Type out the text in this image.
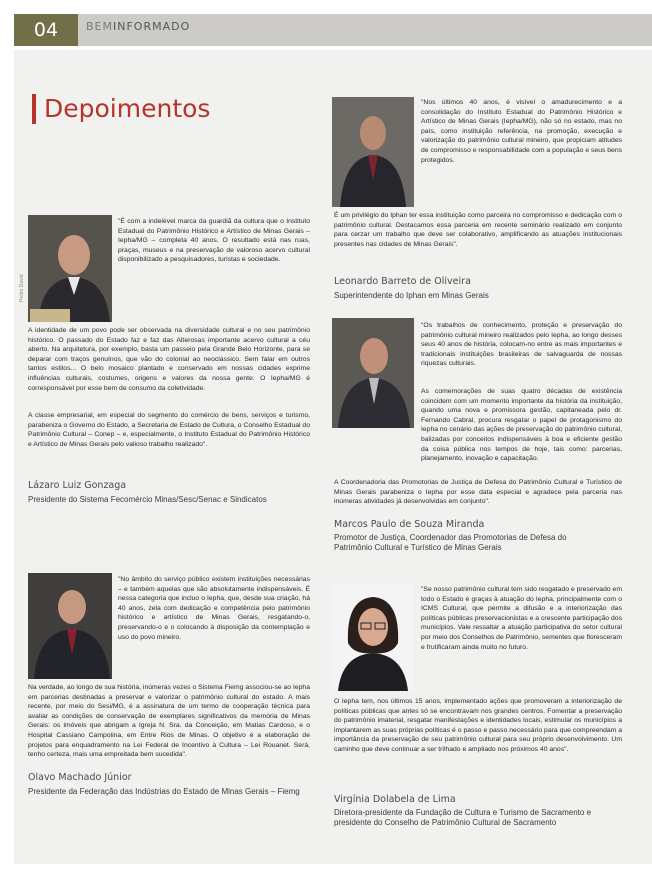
04	BEMINFORMADO
Depoimentos
Pedro David

"É com a indelével marca da guardiã da cultura que o Instituto Estadual do Patrimônio Histórico e Artístico de Minas Gerais – Iepha/MG – completa 40 anos. O resultado está nas ruas, praças, museus e na preservação de valoroso acervo cultural disponibilizado a pesquisadores, turistas e sociedade.

A identidade de um povo pode ser observada na diversidade cultural e no seu patrimônio histórico. O passado do Estado faz e faz das Alterosas importante acervo cultural a céu aberto. Na arquitetura, por exemplo, basta um passeio pela Grande Belo Horizonte, para se deparar com traços genuínos, que vão do colonial ao neoclássico. Sem falar em outros tantos estilos... O belo mosaico plantado e conservado em nossas cidades exprime influências culturais, costumes, origens e valores da nossa gente. O Iepha/MG é corresponsável por esse bem de consumo da coletividade.

A classe empresarial, em especial do segmento do comércio de bens, serviços e turismo, parabeniza o Governo do Estado, a Secretaria de Estado de Cultura, o Conselho Estadual do Patrimônio Cultural – Conep – e, especialmente, o Instituto Estadual do Patrimônio Histórico e Artístico de Minas Gerais pelo valioso trabalho realizado".

Lázaro Luiz Gonzaga
Presidente do Sistema Fecomércio Minas/Sesc/Senac e Sindicatos

"Nos últimos 40 anos, é visível o amadurecimento e a consolidação do Instituto Estadual do Patrimônio Histórico e Artístico de Minas Gerais (Iepha/MG), não só no estado, mas no país, como instituição referência, na promoção, execução e valorização do patrimônio cultural mineiro, que propiciam atitudes de compromisso e responsabilidade com a população e seus bens protegidos.

É um privilégio do Iphan ter essa instituição como parceira no compromisso e dedicação com o patrimônio cultural. Destacamos essa parceria em recente seminário realizado em conjunto para cerzar um trabalho que deve ser colaborativo, amplificando as atuações institucionais presentes nas cidades de Minas Gerais".

Leonardo Barreto de Oliveira
Superintendente do Iphan em Minas Gerais

"Os trabalhos de conhecimento, proteção e preservação do patrimônio cultural mineiro realizados pelo Iepha, ao longo desses seus 40 anos de história, colocam-no entre as mais importantes e tradicionais instituições brasileiras de salvaguarda de nossas riquezas culturais.

As comemorações de suas quatro décadas de existência coincidem com um momento importante da história da instituição, quando uma nova e promissora gestão, capitaneada pelo dr. Fernando Cabral, procura resgatar o papel de protagonismo do Iepha no cenário das ações de preservação do patrimônio cultural, balizadas por conceitos indispensáveis à boa e eficiente gestão da coisa pública nos tempos de hoje, tais como: parcerias, planejamento, inovação e capacitação.

A Coordenadoria das Promotorias de Justiça de Defesa do Patrimônio Cultural e Turístico de Minas Gerais parabeniza o Iepha por esse data especial e agradece pela parceria nas inúmeras atividades já desenvolvidas em conjunto".

Marcos Paulo de Souza Miranda
Promotor de Justiça, Coordenador das Promotorias de Defesa do Patrimônio Cultural e Turístico de Minas Gerais

"No âmbito do serviço público existem instituições necessárias – e também aquelas que são absolutamente indispensáveis. É nessa categoria que incluo o Iepha, que, desde sua criação, há 40 anos, zela com dedicação e competência pelo patrimônio histórico e artístico de Minas Gerais, resgatando-o, preservando-o e o colocando à disposição da contemplação e uso do povo mineiro.

Na verdade, ao longo de sua história, inúmeras vezes o Sistema Fiemg associou-se ao Iepha em parcerias destinadas a preservar e valorizar o patrimônio cultural do estado. A mais recente, por meio do Sesi/MG, é a assinatura de um termo de cooperação técnica para avaliar as condições de conservação de exemplares significativos da memória de Minas Gerais: os imóveis que abrigam a Igreja N. Sra. da Conceição, em Matias Cardoso, e o Hospital Cassiano Campolina, em Entre Rios de Minas. O objetivo é a elaboração de projetos para enquadramento na Lei Federal de Incentivo à Cultura – Lei Rouanet. Será, tenho certeza, mais uma empreitada bem sucedida".

Olavo Machado Júnior
Presidente da Federação das Indústrias do Estado de Minas Gerais – Fiemg

"Se nosso patrimônio cultural tem sido resgatado e preservado em todo o Estado é graças à atuação do Iepha, principalmente com o ICMS Cultural, que permite a difusão e a interiorização das políticas públicas preservacionistas e a crescente participação dos municípios. Vale ressaltar a atuação participativa do setor cultural por meio dos Conselhos de Patrimônio, sementes que floresceram e frutificaram ainda muito no futuro.

O Iepha tem, nos últimos 15 anos, implementado ações que promoveram a interiorização de políticas públicas que antes só se encontravam nos grandes centros. Fomentar a preservação do patrimônio imaterial, resgatar manifestações e identidades locais, estimular os municípios a implantarem as suas próprias políticas é o passo e passo necessário para que compreendam a importância da preservação de seu patrimônio cultural para seu próprio desenvolvimento. Um caminho que deve continuar a ser trilhado e ampliado nos próximos 40 anos".

Virgínia Dolabela de Lima
Diretora-presidente da Fundação de Cultura e Turismo de Sacramento e presidente do Conselho de Patrimônio Cultural de Sacramento
